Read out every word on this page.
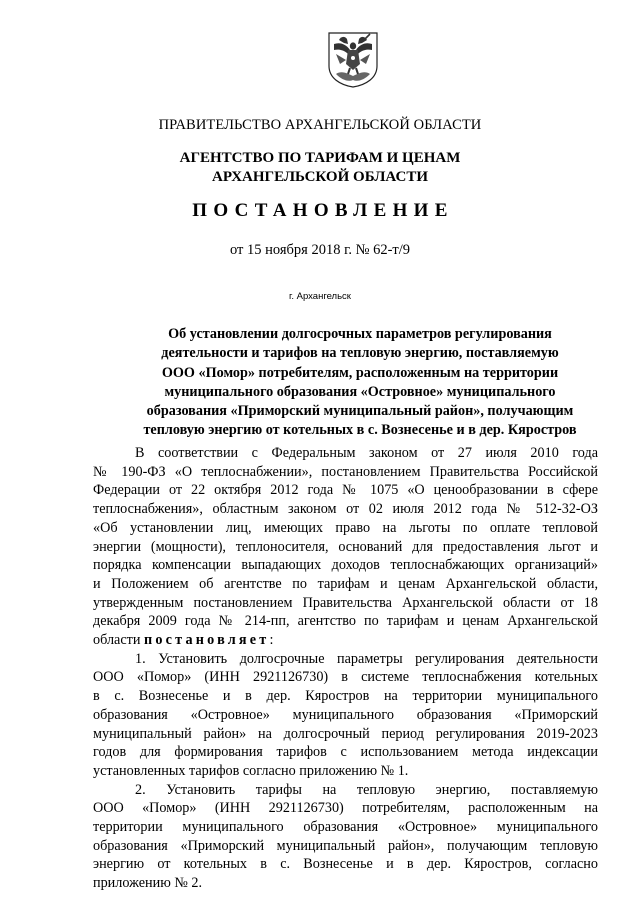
ПРАВИТЕЛЬСТВО АРХАНГЕЛЬСКОЙ ОБЛАСТИ
АГЕНТСТВО ПО ТАРИФАМ И ЦЕНАМ
АРХАНГЕЛЬСКОЙ ОБЛАСТИ
ПОСТАНОВЛЕНИЕ
от 15 ноября 2018 г. № 62-т/9
г. Архангельск
Об установлении долгосрочных параметров регулирования
деятельности и тарифов на тепловую энергию, поставляемую
ООО «Помор» потребителям, расположенным на территории
муниципального образования «Островное» муниципального
образования «Приморский муниципальный район», получающим
тепловую энергию от котельных в с. Вознесенье и в дер. Кяростров
В соответствии с Федеральным законом от 27 июля 2010 года
№ 190-ФЗ «О теплоснабжении», постановлением Правительства Российской
Федерации от 22 октября 2012 года № 1075 «О ценообразовании в сфере
теплоснабжения», областным законом от 02 июля 2012 года № 512-32-ОЗ
«Об установлении лиц, имеющих право на льготы по оплате тепловой
энергии (мощности), теплоносителя, оснований для предоставления льгот и
порядка компенсации выпадающих доходов теплоснабжающих организаций»
и Положением об агентстве по тарифам и ценам Архангельской области,
утвержденным постановлением Правительства Архангельской области от 18
декабря 2009 года № 214-пп, агентство по тарифам и ценам Архангельской
области постановляет:
1. Установить долгосрочные параметры регулирования деятельности
ООО «Помор» (ИНН 2921126730) в системе теплоснабжения котельных
в с. Вознесенье и в дер. Кяростров на территории муниципального
образования «Островное» муниципального образования «Приморский
муниципальный район» на долгосрочный период регулирования 2019-2023
годов для формирования тарифов с использованием метода индексации
установленных тарифов согласно приложению № 1.
2. Установить тарифы на тепловую энергию, поставляемую
ООО «Помор» (ИНН 2921126730) потребителям, расположенным на
территории муниципального образования «Островное» муниципального
образования «Приморский муниципальный район», получающим тепловую
энергию от котельных в с. Вознесенье и в дер. Кяростров, согласно
приложению № 2.
